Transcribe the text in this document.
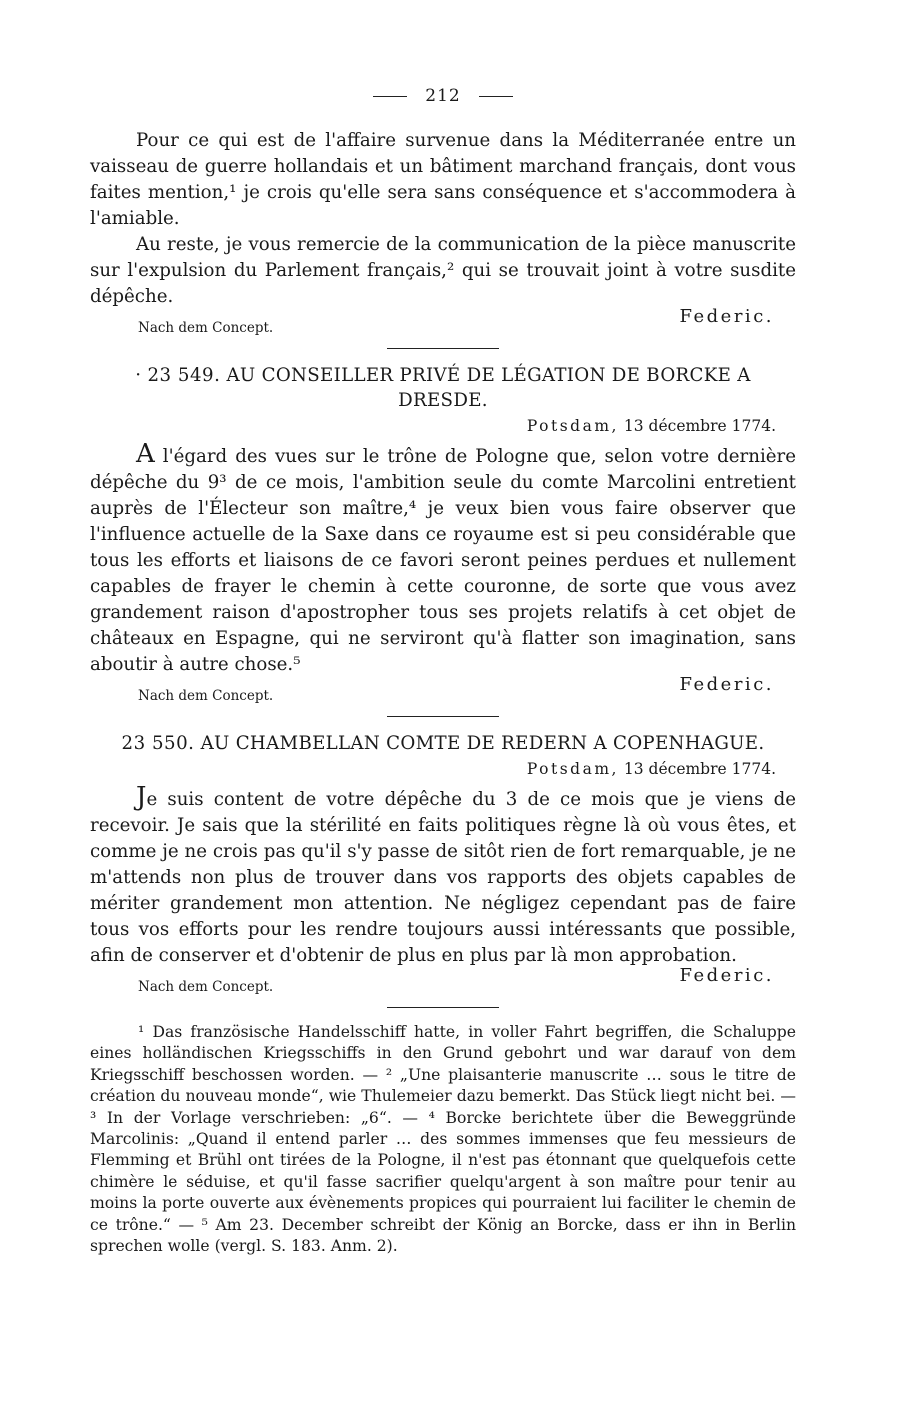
212

Pour ce qui est de l'affaire survenue dans la Méditerranée entre un vaisseau de guerre hollandais et un bâtiment marchand français, dont vous faites mention,¹ je crois qu'elle sera sans conséquence et s'accommodera à l'amiable.

Au reste, je vous remercie de la communication de la pièce manuscrite sur l'expulsion du Parlement français,² qui se trouvait joint à votre susdite dépêche.

Nach dem Concept.
Federic.
· 23 549. AU CONSEILLER PRIVÉ DE LÉGATION DE BORCKE A DRESDE.
Potsdam, 13 décembre 1774.

A l'égard des vues sur le trône de Pologne que, selon votre dernière dépêche du 9³ de ce mois, l'ambition seule du comte Marcolini entretient auprès de l'Électeur son maître,⁴ je veux bien vous faire observer que l'influence actuelle de la Saxe dans ce royaume est si peu considérable que tous les efforts et liaisons de ce favori seront peines perdues et nullement capables de frayer le chemin à cette couronne, de sorte que vous avez grandement raison d'apostropher tous ses projets relatifs à cet objet de châteaux en Espagne, qui ne serviront qu'à flatter son imagination, sans aboutir à autre chose.⁵

Nach dem Concept.
Federic.
23 550. AU CHAMBELLAN COMTE DE REDERN A COPENHAGUE.
Potsdam, 13 décembre 1774.

Je suis content de votre dépêche du 3 de ce mois que je viens de recevoir. Je sais que la stérilité en faits politiques règne là où vous êtes, et comme je ne crois pas qu'il s'y passe de sitôt rien de fort remarquable, je ne m'attends non plus de trouver dans vos rapports des objets capables de mériter grandement mon attention. Ne négligez cependant pas de faire tous vos efforts pour les rendre toujours aussi intéressants que possible, afin de conserver et d'obtenir de plus en plus par là mon approbation.

Nach dem Concept.
Federic.
¹ Das französische Handelsschiff hatte, in voller Fahrt begriffen, die Schaluppe eines holländischen Kriegsschiffs in den Grund gebohrt und war darauf von dem Kriegsschiff beschossen worden. — ² „Une plaisanterie manuscrite … sous le titre de création du nouveau monde“, wie Thulemeier dazu bemerkt. Das Stück liegt nicht bei. — ³ In der Vorlage verschrieben: „6“. — ⁴ Borcke berichtete über die Beweggründe Marcolinis: „Quand il entend parler … des sommes immenses que feu messieurs de Flemming et Brühl ont tirées de la Pologne, il n'est pas étonnant que quelquefois cette chimère le séduise, et qu'il fasse sacrifier quelqu'argent à son maître pour tenir au moins la porte ouverte aux évènements propices qui pourraient lui faciliter le chemin de ce trône.“ — ⁵ Am 23. December schreibt der König an Borcke, dass er ihn in Berlin sprechen wolle (vergl. S. 183. Anm. 2).
